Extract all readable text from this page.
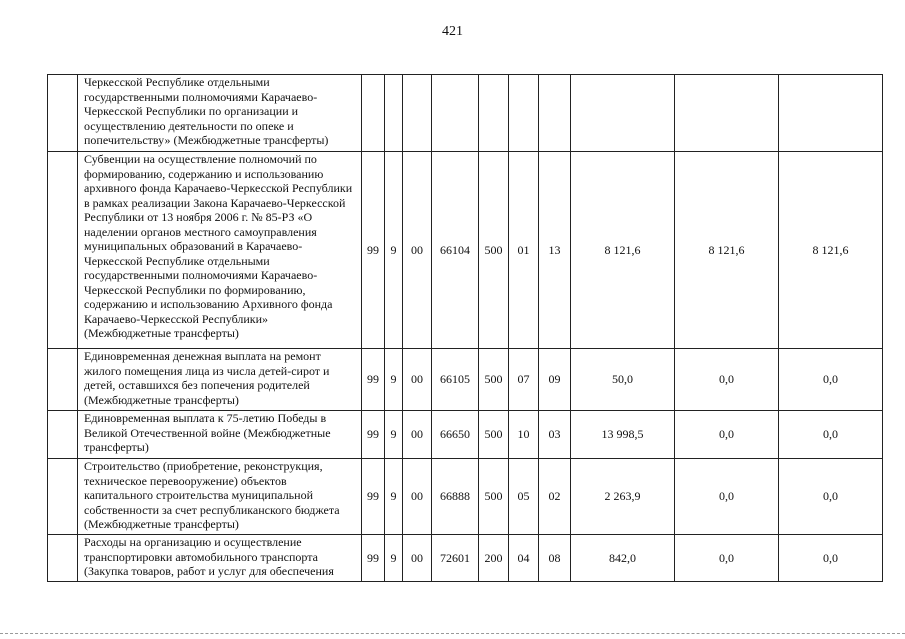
421
	Черкесской Республике отдельными государственными полномочиями Карачаево-Черкесской Республики по организации и осуществлению деятельности по опеке и попечительству» (Межбюджетные трансферты)										
	Субвенции на осуществление полномочий по формированию, содержанию и использованию архивного фонда Карачаево-Черкесской Республики в рамках реализации Закона Карачаево-Черкесской Республики от 13 ноября 2006 г. № 85-РЗ «О наделении органов местного самоуправления муниципальных образований в Карачаево-Черкесской Республике отдельными государственными полномочиями Карачаево-Черкесской Республики по формированию, содержанию и использованию Архивного фонда Карачаево-Черкесской Республики» (Межбюджетные трансферты)	99	9	00	66104	500	01	13	8 121,6	8 121,6	8 121,6
	Единовременная денежная выплата на ремонт жилого помещения лица из числа детей-сирот и детей, оставшихся без попечения родителей (Межбюджетные трансферты)	99	9	00	66105	500	07	09	50,0	0,0	0,0
	Единовременная выплата к 75-летию Победы в Великой Отечественной войне (Межбюджетные трансферты)	99	9	00	66650	500	10	03	13 998,5	0,0	0,0
	Строительство (приобретение, реконструкция, техническое перевооружение) объектов капитального строительства муниципальной собственности за счет республиканского бюджета (Межбюджетные трансферты)	99	9	00	66888	500	05	02	2 263,9	0,0	0,0
	Расходы на организацию и осуществление транспортировки автомобильного транспорта (Закупка товаров, работ и услуг для обеспечения	99	9	00	72601	200	04	08	842,0	0,0	0,0
